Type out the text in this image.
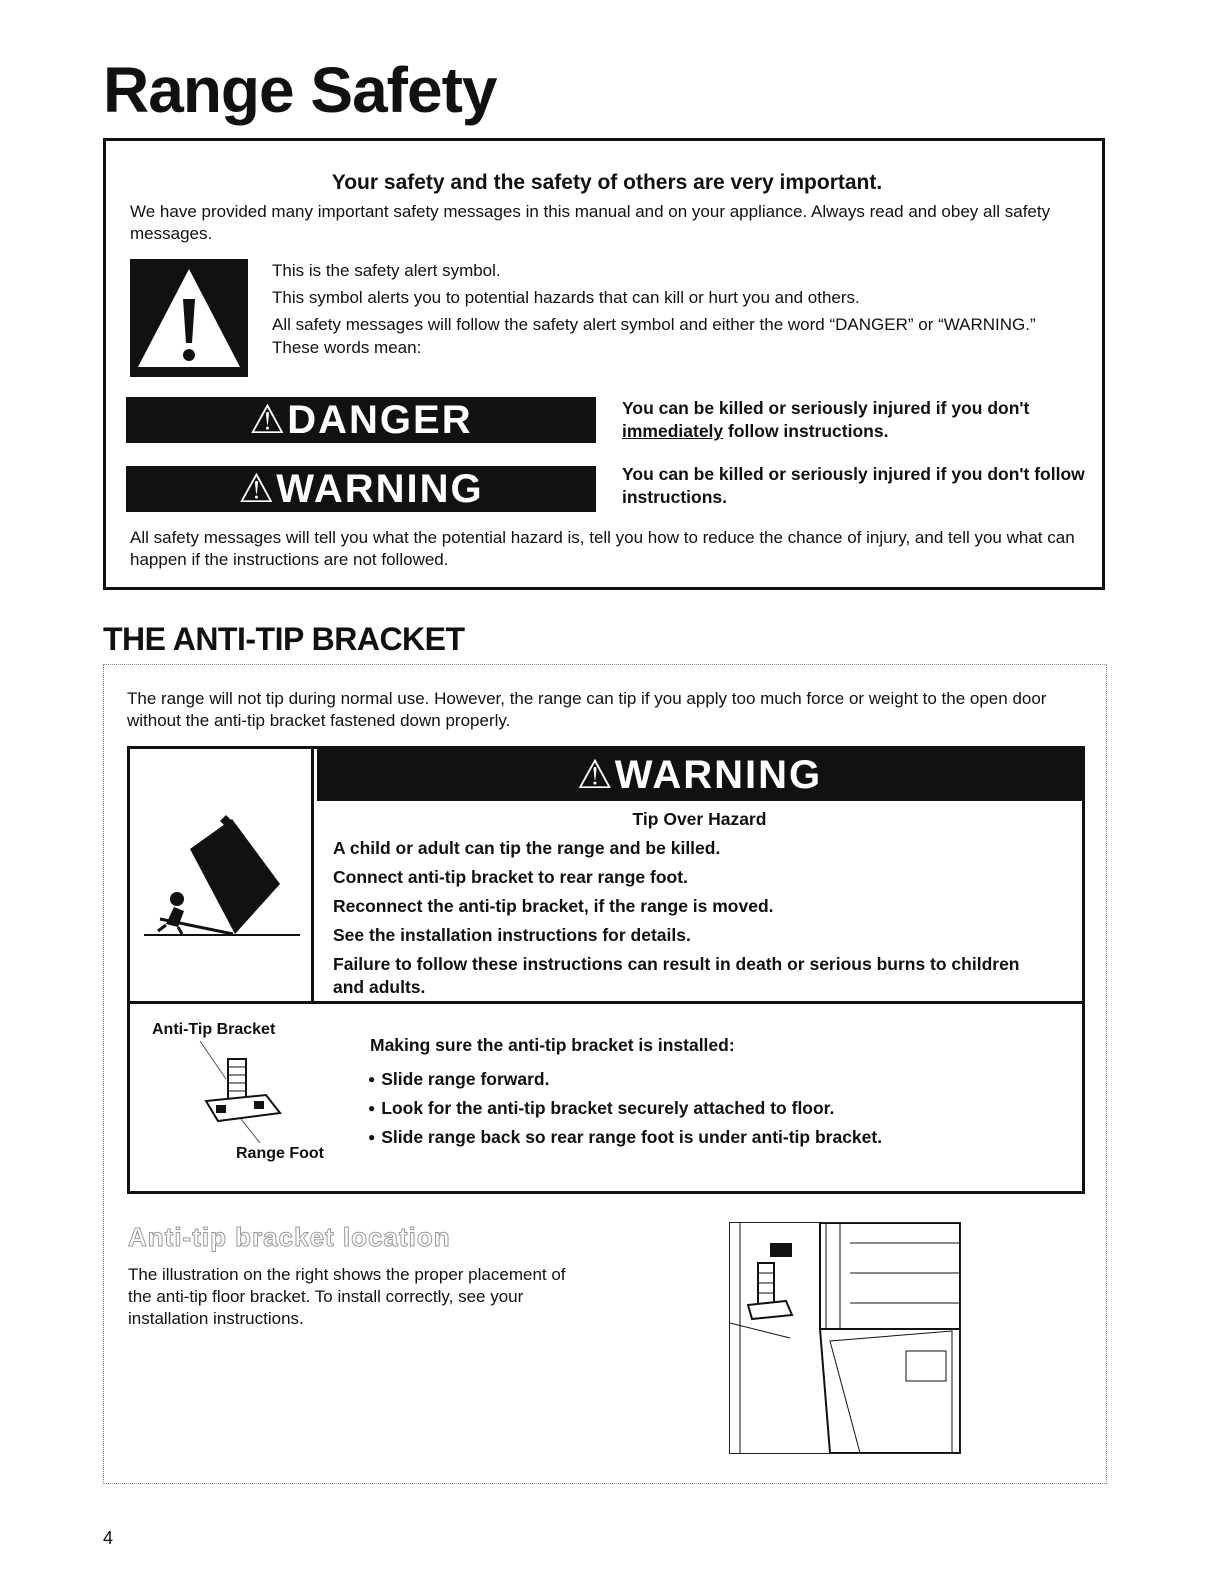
Range Safety
Your safety and the safety of others are very important.
We have provided many important safety messages in this manual and on your appliance. Always read and obey all safety messages.

This is the safety alert symbol.

This symbol alerts you to potential hazards that can kill or hurt you and others.

All safety messages will follow the safety alert symbol and either the word “DANGER” or “WARNING.” These words mean:

⚠DANGER	You can be killed or seriously injured if you don't immediately follow instructions.
⚠WARNING	You can be killed or seriously injured if you don't follow instructions.
All safety messages will tell you what the potential hazard is, tell you how to reduce the chance of injury, and tell you what can happen if the instructions are not followed.
THE ANTI-TIP BRACKET
The range will not tip during normal use. However, the range can tip if you apply too much force or weight to the open door without the anti-tip bracket fastened down properly.
⚠WARNING
Tip Over Hazard

A child or adult can tip the range and be killed.

Connect anti-tip bracket to rear range foot.

Reconnect the anti-tip bracket, if the range is moved.

See the installation instructions for details.

Failure to follow these instructions can result in death or serious burns to children and adults.

Anti-Tip Bracket
Range Foot
Making sure the anti-tip bracket is installed:
● Slide range forward.
● Look for the anti-tip bracket securely attached to floor.
● Slide range back so rear range foot is under anti-tip bracket.
Anti-tip bracket location
The illustration on the right shows the proper placement of the anti-tip floor bracket. To install correctly, see your installation instructions.
4
